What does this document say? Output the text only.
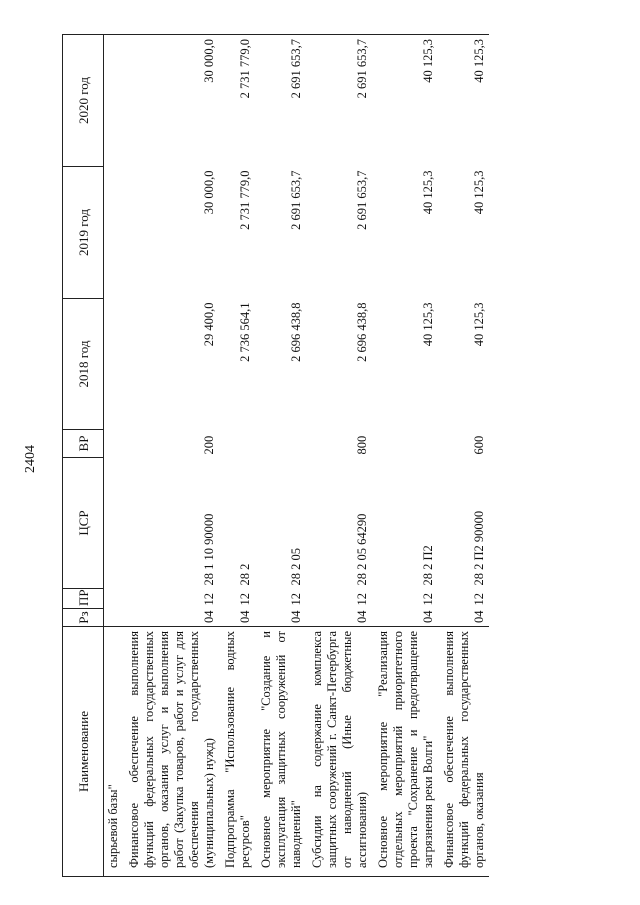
2404
Наименование	Рз	ПР	ЦСР	ВР	2018 год	2019 год	2020 год
сырьевой базы"							
Финансовое обеспечение выполнения функций федеральных государственных органов, оказания услуг и выполнения работ (Закупка товаров, работ и услуг для обеспечения государственных (муниципальных) нужд)	04	12	28 1 10 90000	200	29 400,0	30 000,0	30 000,0
Подпрограмма "Использование водных ресурсов"	04	12	28 2		2 736 564,1	2 731 779,0	2 731 779,0
Основное мероприятие "Создание и эксплуатация защитных сооружений от наводнений"	04	12	28 2 05		2 696 438,8	2 691 653,7	2 691 653,7
Субсидии на содержание комплекса защитных сооружений г. Санкт-Петербурга от наводнений (Иные бюджетные ассигнования)	04	12	28 2 05 64290	800	2 696 438,8	2 691 653,7	2 691 653,7
Основное мероприятие "Реализация отдельных мероприятий приоритетного проекта "Сохранение и предотвращение загрязнения реки Волги"	04	12	28 2 П2		40 125,3	40 125,3	40 125,3
Финансовое обеспечение выполнения функций федеральных государственных органов, оказания	04	12	28 2 П2 90000	600	40 125,3	40 125,3	40 125,3
